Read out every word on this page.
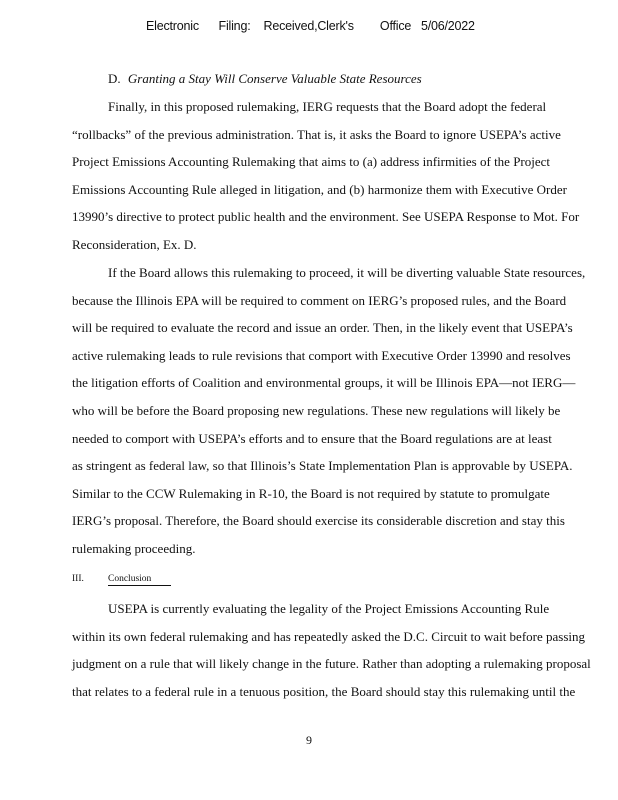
Electronic      Filing:    Received,Clerk's        Office   5/06/2022
D. Granting a Stay Will Conserve Valuable State Resources

Finally, in this proposed rulemaking, IERG requests that the Board adopt the federal
“rollbacks” of the previous administration. That is, it asks the Board to ignore USEPA’s active
Project Emissions Accounting Rulemaking that aims to (a) address infirmities of the Project
Emissions Accounting Rule alleged in litigation, and (b) harmonize them with Executive Order
13990’s directive to protect public health and the environment. See USEPA Response to Mot. For
Reconsideration, Ex. D.

If the Board allows this rulemaking to proceed, it will be diverting valuable State resources,
because the Illinois EPA will be required to comment on IERG’s proposed rules, and the Board
will be required to evaluate the record and issue an order. Then, in the likely event that USEPA’s
active rulemaking leads to rule revisions that comport with Executive Order 13990 and resolves
the litigation efforts of Coalition and environmental groups, it will be Illinois EPA—not IERG—
who will be before the Board proposing new regulations. These new regulations will likely be
needed to comport with USEPA’s efforts and to ensure that the Board regulations are at least
as stringent as federal law, so that Illinois’s State Implementation Plan is approvable by USEPA.
Similar to the CCW Rulemaking in R-10, the Board is not required by statute to promulgate
IERG’s proposal. Therefore, the Board should exercise its considerable discretion and stay this
rulemaking proceeding.

III.	Conclusion

USEPA is currently evaluating the legality of the Project Emissions Accounting Rule
within its own federal rulemaking and has repeatedly asked the D.C. Circuit to wait before passing
judgment on a rule that will likely change in the future. Rather than adopting a rulemaking proposal
that relates to a federal rule in a tenuous position, the Board should stay this rulemaking until the

9
